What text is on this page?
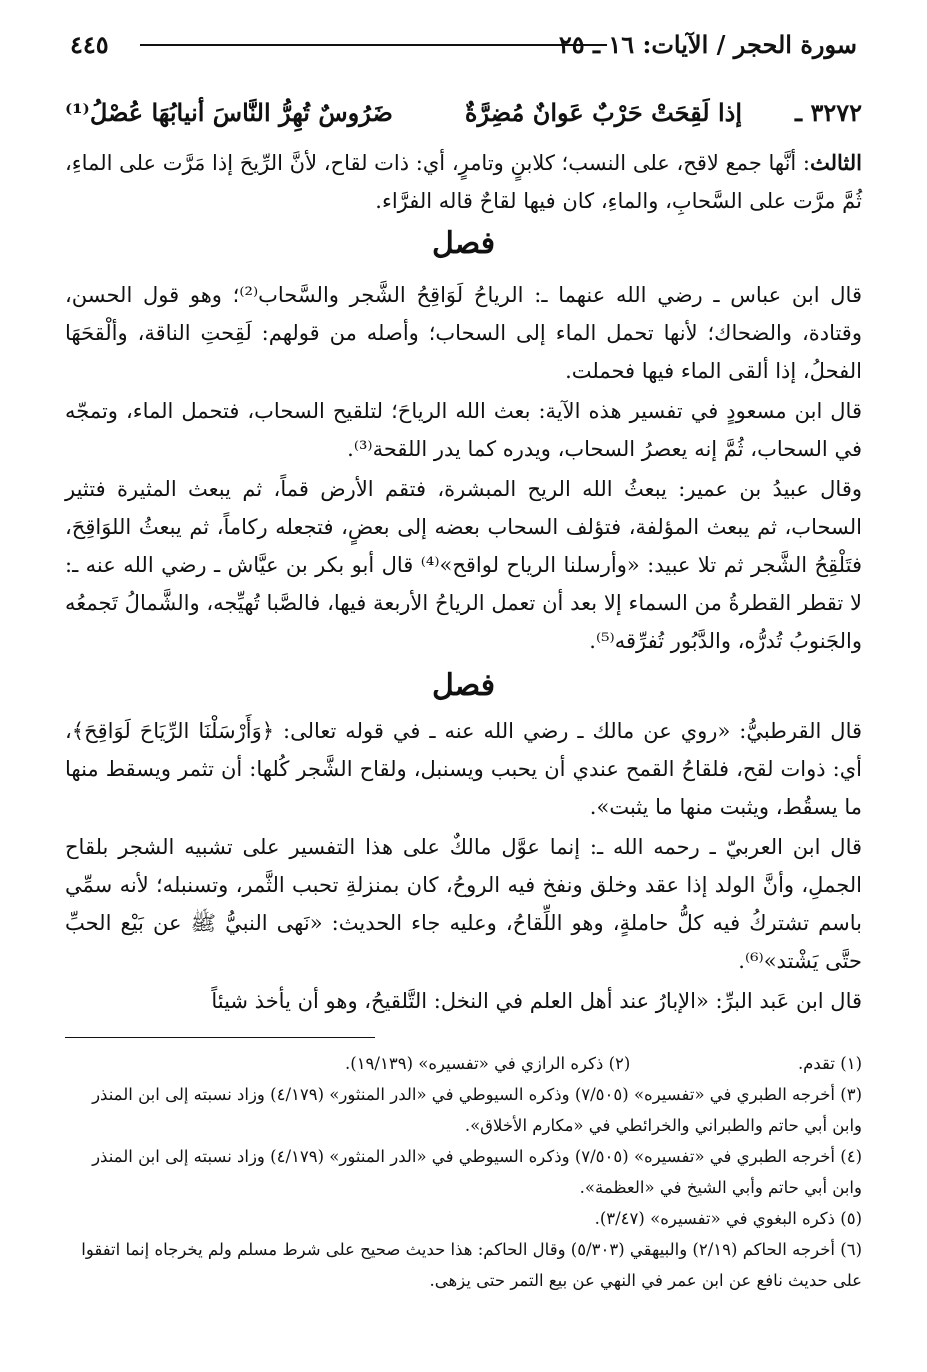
سورة الحجر / الآيات: ١٦ ـ ٢٥
٤٤٥
٣٢٧٢ ـ
إذا لَقِحَتْ حَرْبٌ عَوانٌ مُضِرَّةٌ
ضَرُوسٌ تُهِرُّ النَّاسَ أنيابُهَا عُصْلُ⁽¹⁾

الثالث: أنَّها جمع لاقح، على النسب؛ كلابنٍ وتامرٍ، أي: ذات لقاح، لأنَّ الرِّيحَ إذا مَرَّت على الماءِ، ثُمَّ مرَّت على السَّحابِ، والماءِ، كان فيها لقاحٌ قاله الفرَّاء.

فصل

قال ابن عباس ـ رضي الله عنهما ـ: الرياحُ لَوَاقِحُ الشَّجر والسَّحاب⁽²⁾؛ وهو قول الحسن، وقتادة، والضحاك؛ لأنها تحمل الماء إلى السحاب؛ وأصله من قولهم: لَقِحتِ الناقة، وألْقحَهَا الفحلُ، إذا ألقى الماء فيها فحملت.

قال ابن مسعودٍ في تفسير هذه الآية: بعث الله الرياحَ؛ لتلقيح السحاب، فتحمل الماء، وتمجّه في السحاب، ثُمَّ إنه يعصرُ السحاب، ويدره كما يدر اللقحة⁽³⁾.

وقال عبيدُ بن عمير: يبعثُ الله الريح المبشرة، فتقم الأرض قماً، ثم يبعث المثيرة فتثير السحاب، ثم يبعث المؤلفة، فتؤلف السحاب بعضه إلى بعضٍ، فتجعله ركاماً، ثم يبعثُ اللوَاقِحَ، فتَلْقِحُ الشَّجر ثم تلا عبيد: «وأرسلنا الرياح لواقح»⁽⁴⁾ قال أبو بكر بن عيَّاش ـ رضي الله عنه ـ: لا تقطر القطرةُ من السماء إلا بعد أن تعمل الرياحُ الأربعة فيها، فالصَّبا تُهيِّجه، والشَّمالُ تَجمعُه والجَنوبُ تُدرُّه، والدَّبُور تُفرِّقه⁽⁵⁾.

فصل

قال القرطبيُّ: «روي عن مالك ـ رضي الله عنه ـ في قوله تعالى: ﴿وَأَرْسَلْنَا الرِّيَاحَ لَوَاقِحَ﴾، أي: ذوات لقح، فلقاحُ القمح عندي أن يحبب ويسنبل، ولقاح الشَّجر كُلها: أن تثمر ويسقط منها ما يسقُط، ويثبت منها ما يثبت».

قال ابن العربيّ ـ رحمه الله ـ: إنما عوَّل مالكٌ على هذا التفسير على تشبيه الشجر بلقاح الجملِ، وأنَّ الولد إذا عقد وخلق ونفخ فيه الروحُ، كان بمنزلةِ تحبب الثَّمر، وتسنبله؛ لأنه سمِّي باسم تشتركُ فيه كلُّ حاملةٍ، وهو اللِّقاحُ، وعليه جاء الحديث: «نَهى النبيُّ ﷺ عن بَيْع الحبِّ حتَّى يَشْتد»⁽⁶⁾.

قال ابن عَبد البرِّ: «الإبارُ عند أهل العلم في النخل: التَّلقيحُ، وهو أن يأخذ شيئاً

(١) تقدم.

(٢) ذكره الرازي في «تفسيره» (١٩/١٣٩).

(٣) أخرجه الطبري في «تفسيره» (٧/٥٠٥) وذكره السيوطي في «الدر المنثور» (٤/١٧٩) وزاد نسبته إلى ابن المنذر وابن أبي حاتم والطبراني والخرائطي في «مكارم الأخلاق».

(٤) أخرجه الطبري في «تفسيره» (٧/٥٠٥) وذكره السيوطي في «الدر المنثور» (٤/١٧٩) وزاد نسبته إلى ابن المنذر وابن أبي حاتم وأبي الشيخ في «العظمة».

(٥) ذكره البغوي في «تفسيره» (٣/٤٧).

(٦) أخرجه الحاكم (٢/١٩) والبيهقي (٥/٣٠٣) وقال الحاكم: هذا حديث صحيح على شرط مسلم ولم يخرجاه إنما اتفقوا على حديث نافع عن ابن عمر في النهي عن بيع التمر حتى يزهى.
